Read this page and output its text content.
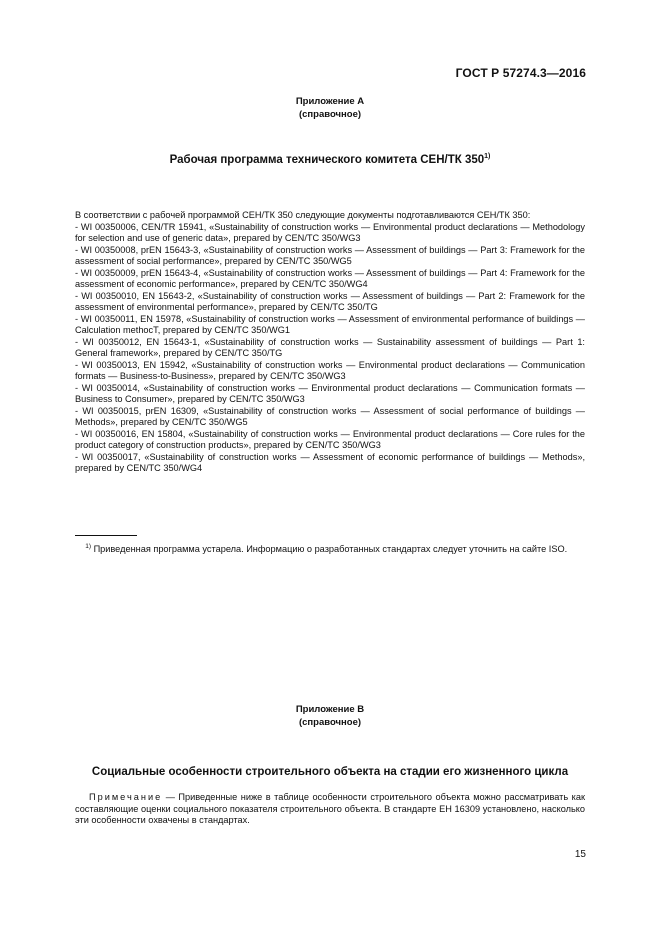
ГОСТ Р 57274.3—2016
Приложение А
(справочное)
Рабочая программа технического комитета СЕН/ТК 350$^{1)}$

В соответствии с рабочей программой СЕН/ТК 350 следующие документы подготавливаются СЕН/ТК 350:

- WI 00350006, CEN/TR 15941, «Sustainability of construction works — Environmental product declarations — Methodology for selection and use of generic data», prepared by CEN/TC 350/WG3

- WI 00350008, prEN 15643-3, «Sustainability of construction works — Assessment of buildings — Part 3: Framework for the assessment of social performance», prepared by CEN/TC 350/WG5

- WI 00350009, prEN 15643-4, «Sustainability of construction works — Assessment of buildings — Part 4: Framework for the assessment of economic performance», prepared by CEN/TC 350/WG4

- WI 00350010, EN 15643-2, «Sustainability of construction works — Assessment of buildings — Part 2: Framework for the assessment of environmental performance», prepared by CEN/TC 350/TG

- WI 00350011, EN 15978, «Sustainability of construction works — Assessment of environmental performance of buildings — Calculation methocT, prepared by CEN/TC 350/WG1

- WI 00350012, EN 15643-1, «Sustainability of construction works — Sustainability assessment of buildings — Part 1: General framework», prepared by CEN/TC 350/TG

- WI 00350013, EN 15942, «Sustainability of construction works — Environmental product declarations — Communication formats — Business-to-Business», prepared by CEN/TC 350/WG3

- WI 00350014, «Sustainability of construction works — Environmental product declarations — Communication formats — Business to Consumer», prepared by CEN/TC 350/WG3

- WI 00350015, prEN 16309, «Sustainability of construction works — Assessment of social performance of buildings — Methods», prepared by CEN/TC 350/WG5

- WI 00350016, EN 15804, «Sustainability of construction works — Environmental product declarations — Core rules for the product category of construction products», prepared by CEN/TC 350/WG3

- WI 00350017, «Sustainability of construction works — Assessment of economic performance of buildings — Methods», prepared by CEN/TC 350/WG4

$^{1)}$ Приведенная программа устарела. Информацию о разработанных стандартах следует уточнить на сайте ISO.
Приложение В
(справочное)
Социальные особенности строительного объекта на стадии его жизненного цикла
Примечание — Приведенные ниже в таблице особенности строительного объекта можно рассматривать как составляющие оценки социального показателя строительного объекта. В стандарте ЕН 16309 установлено, насколько эти особенности охвачены в стандартах.
15
